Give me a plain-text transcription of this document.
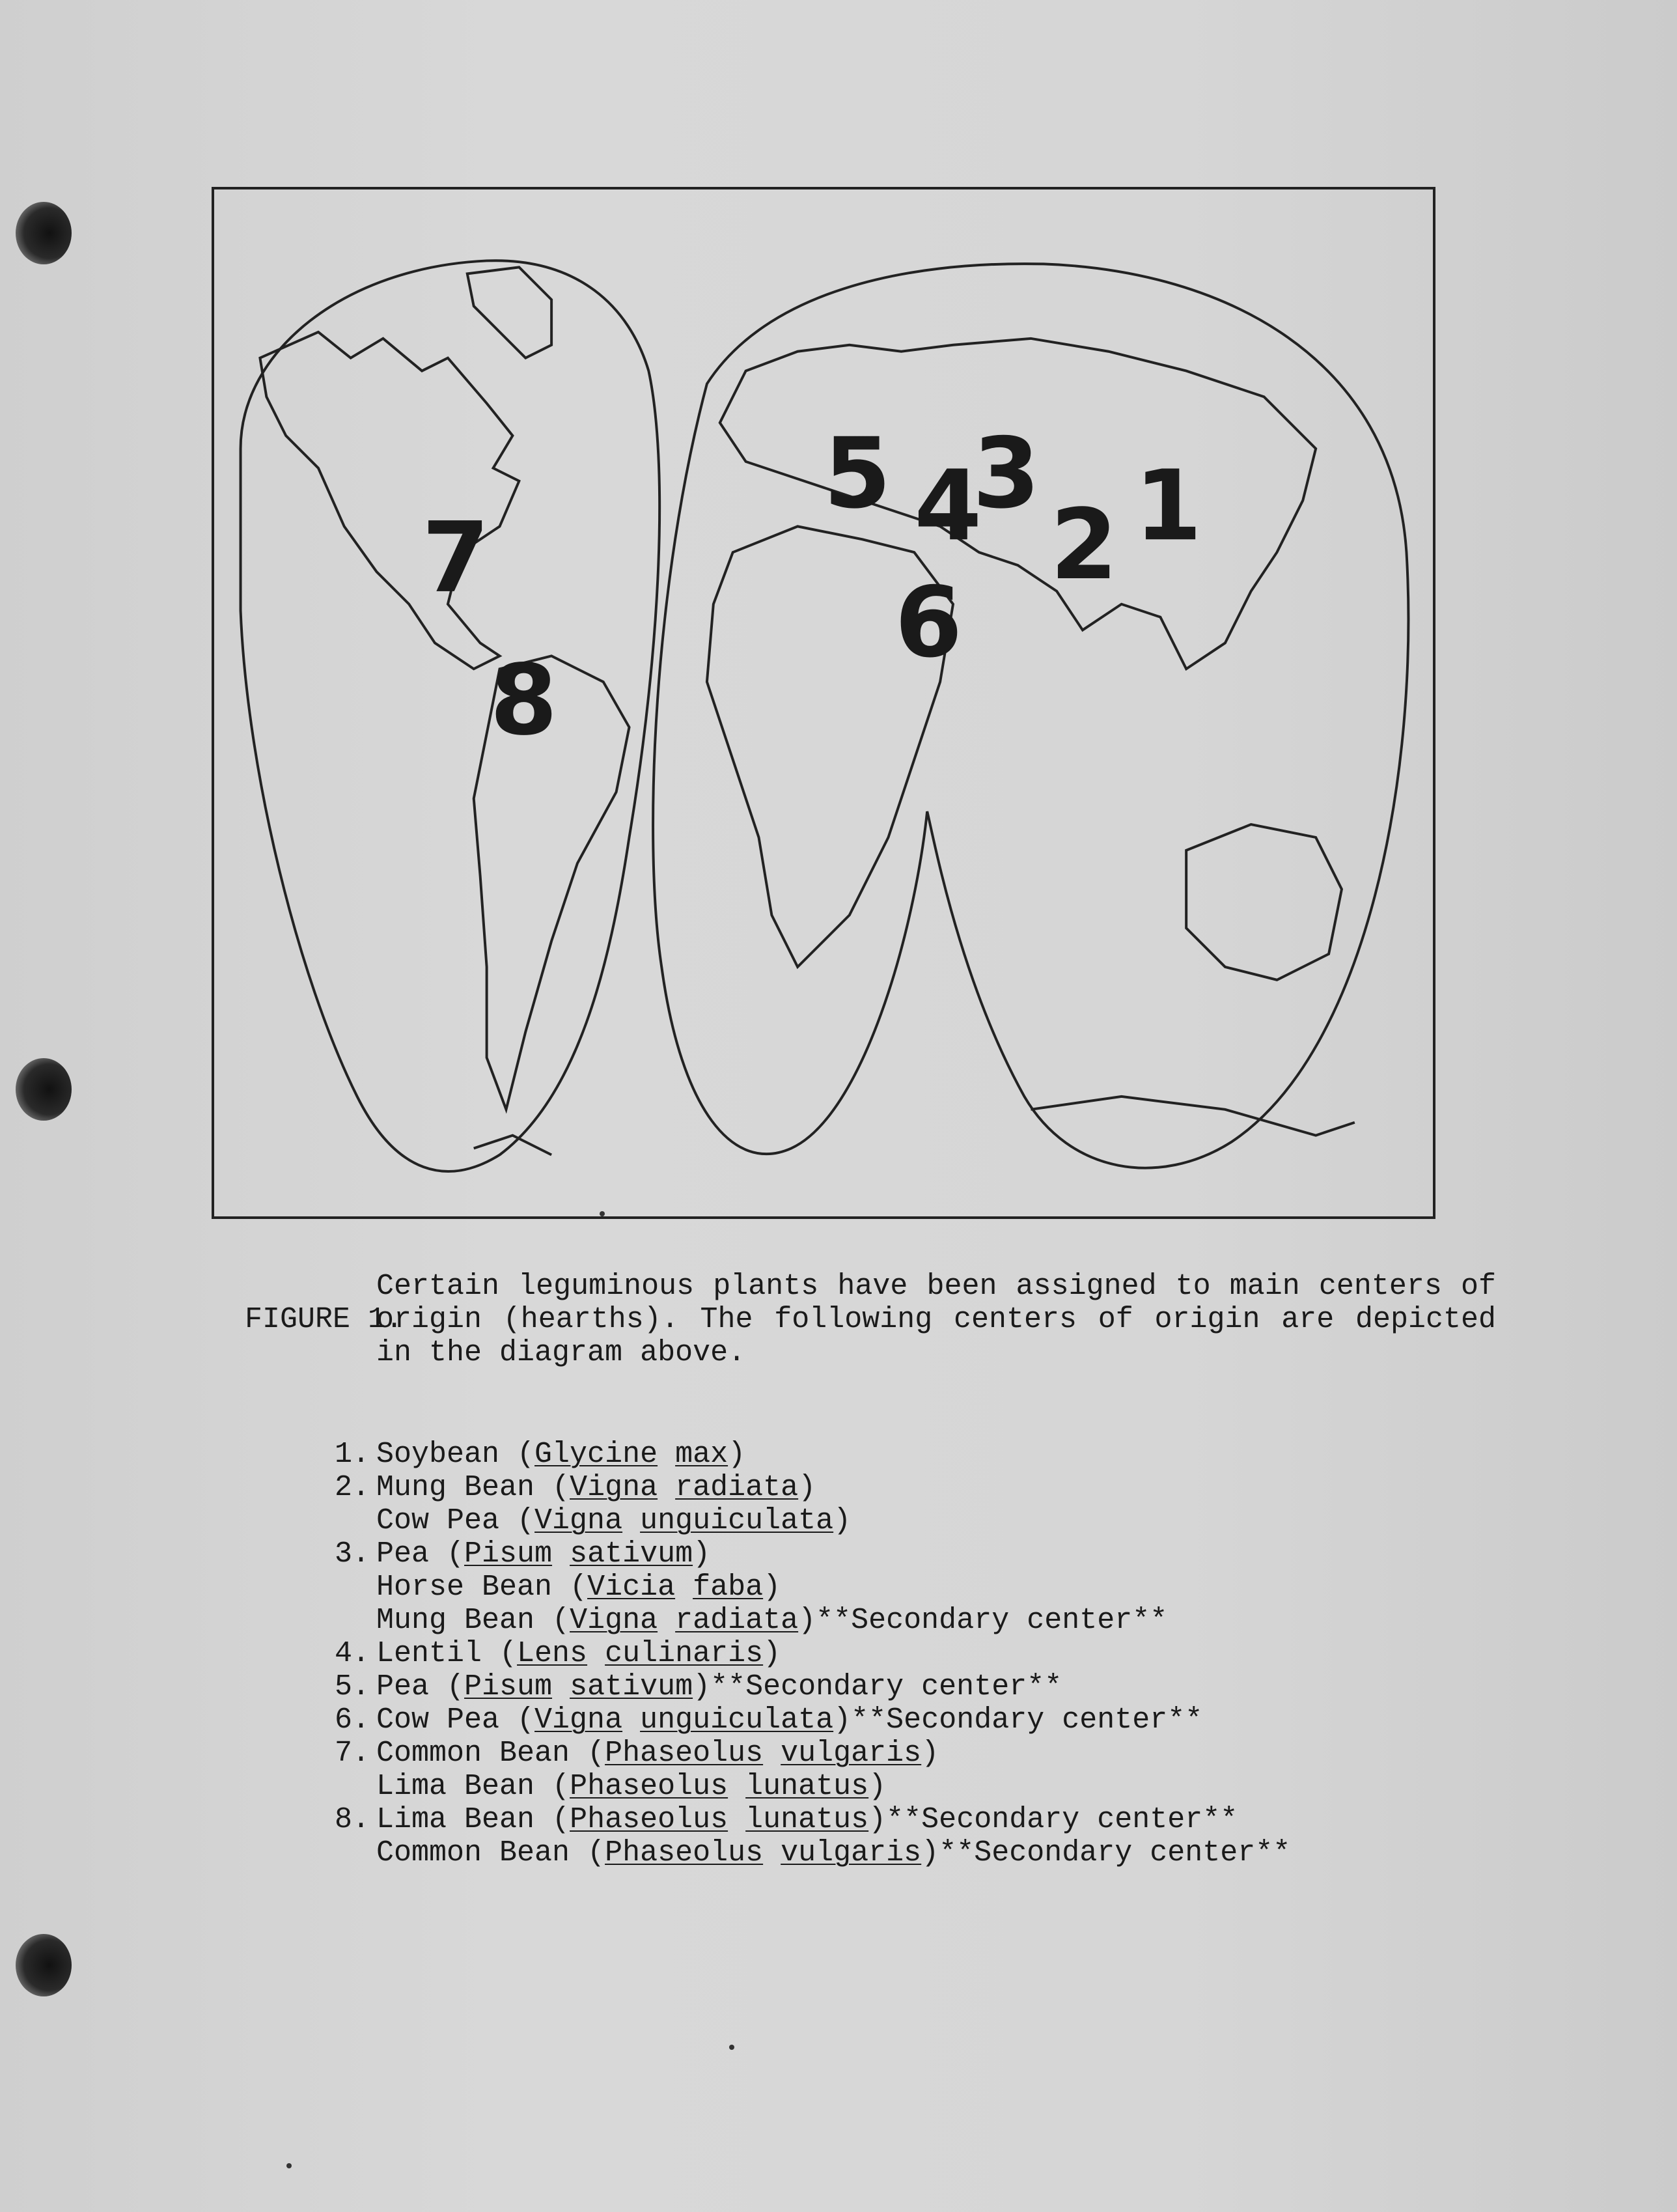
1
2
3
4
5
6
7
8

FIGURE 1.

Certain leguminous plants have been assigned to main centers of origin (hearths). The following centers of origin are depicted in the diagram above.

1. Soybean (Glycine max)
2. Mung Bean (Vigna radiata)
Cow Pea (Vigna unguiculata)
3. Pea (Pisum sativum)
Horse Bean (Vicia faba)
Mung Bean (Vigna radiata)**Secondary center**
4. Lentil (Lens culinaris)
5. Pea (Pisum sativum)**Secondary center**
6. Cow Pea (Vigna unguiculata)**Secondary center**
7. Common Bean (Phaseolus vulgaris)
Lima Bean (Phaseolus lunatus)
8. Lima Bean (Phaseolus lunatus)**Secondary center**
Common Bean (Phaseolus vulgaris)**Secondary center**
